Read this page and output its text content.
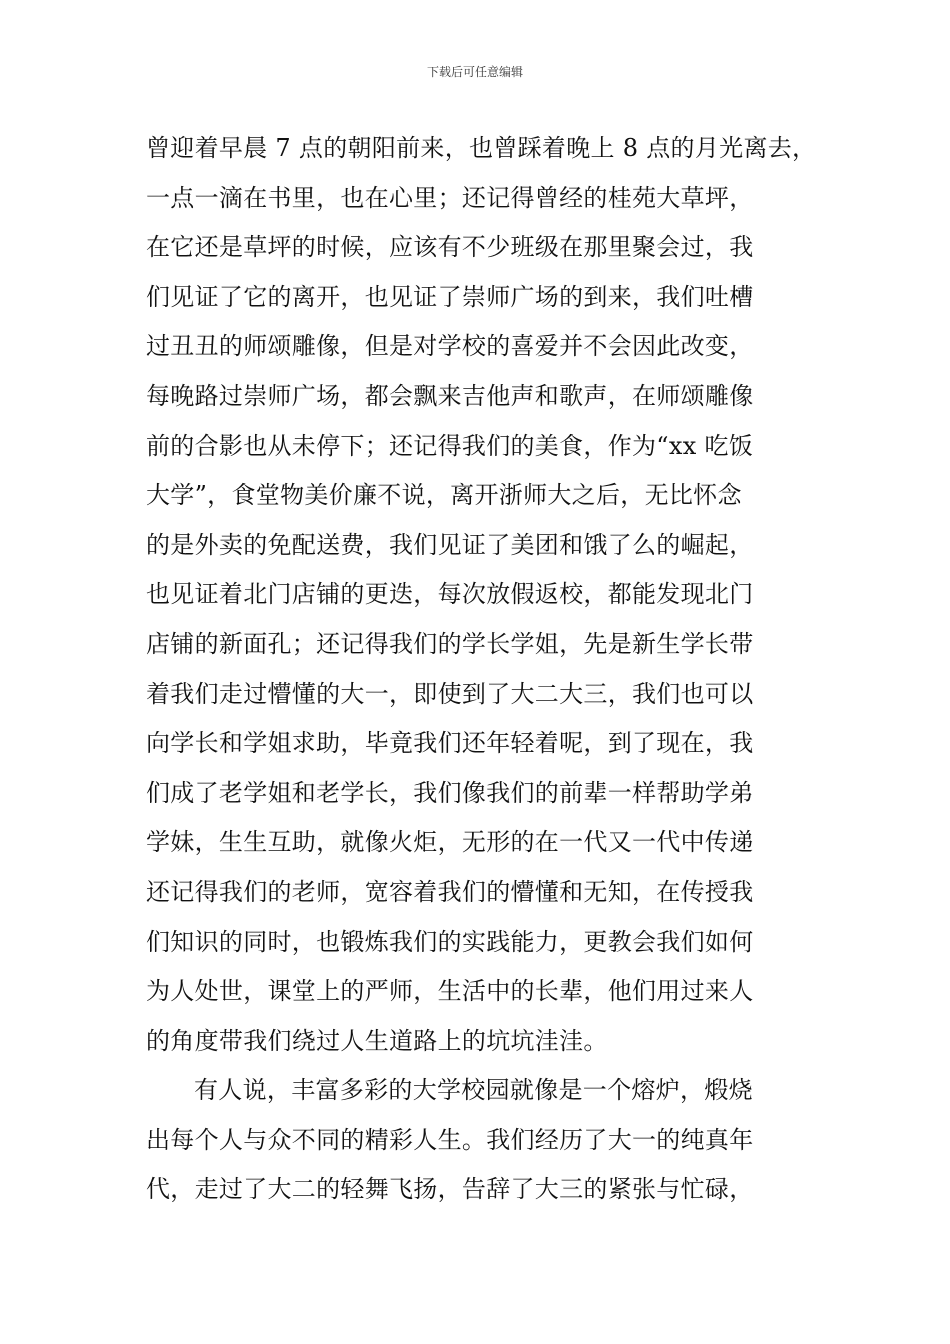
下载后可任意编辑
曾迎着早晨 7 点的朝阳前来，也曾踩着晚上 8 点的月光离去，
一点一滴在书里，也在心里；还记得曾经的桂苑大草坪，
在它还是草坪的时候，应该有不少班级在那里聚会过，我
们见证了它的离开，也见证了崇师广场的到来，我们吐槽
过丑丑的师颂雕像，但是对学校的喜爱并不会因此改变，
每晚路过崇师广场，都会飘来吉他声和歌声，在师颂雕像
前的合影也从未停下；还记得我们的美食，作为“xx 吃饭
大学”，食堂物美价廉不说，离开浙师大之后，无比怀念
的是外卖的免配送费，我们见证了美团和饿了么的崛起，
也见证着北门店铺的更迭，每次放假返校，都能发现北门
店铺的新面孔；还记得我们的学长学姐，先是新生学长带
着我们走过懵懂的大一，即使到了大二大三，我们也可以
向学长和学姐求助，毕竟我们还年轻着呢，到了现在，我
们成了老学姐和老学长，我们像我们的前辈一样帮助学弟
学妹，生生互助，就像火炬，无形的在一代又一代中传递
还记得我们的老师，宽容着我们的懵懂和无知，在传授我
们知识的同时，也锻炼我们的实践能力，更教会我们如何
为人处世，课堂上的严师，生活中的长辈，他们用过来人
的角度带我们绕过人生道路上的坑坑洼洼。
有人说，丰富多彩的大学校园就像是一个熔炉，煅烧
出每个人与众不同的精彩人生。我们经历了大一的纯真年
代，走过了大二的轻舞飞扬，告辞了大三的紧张与忙碌，
